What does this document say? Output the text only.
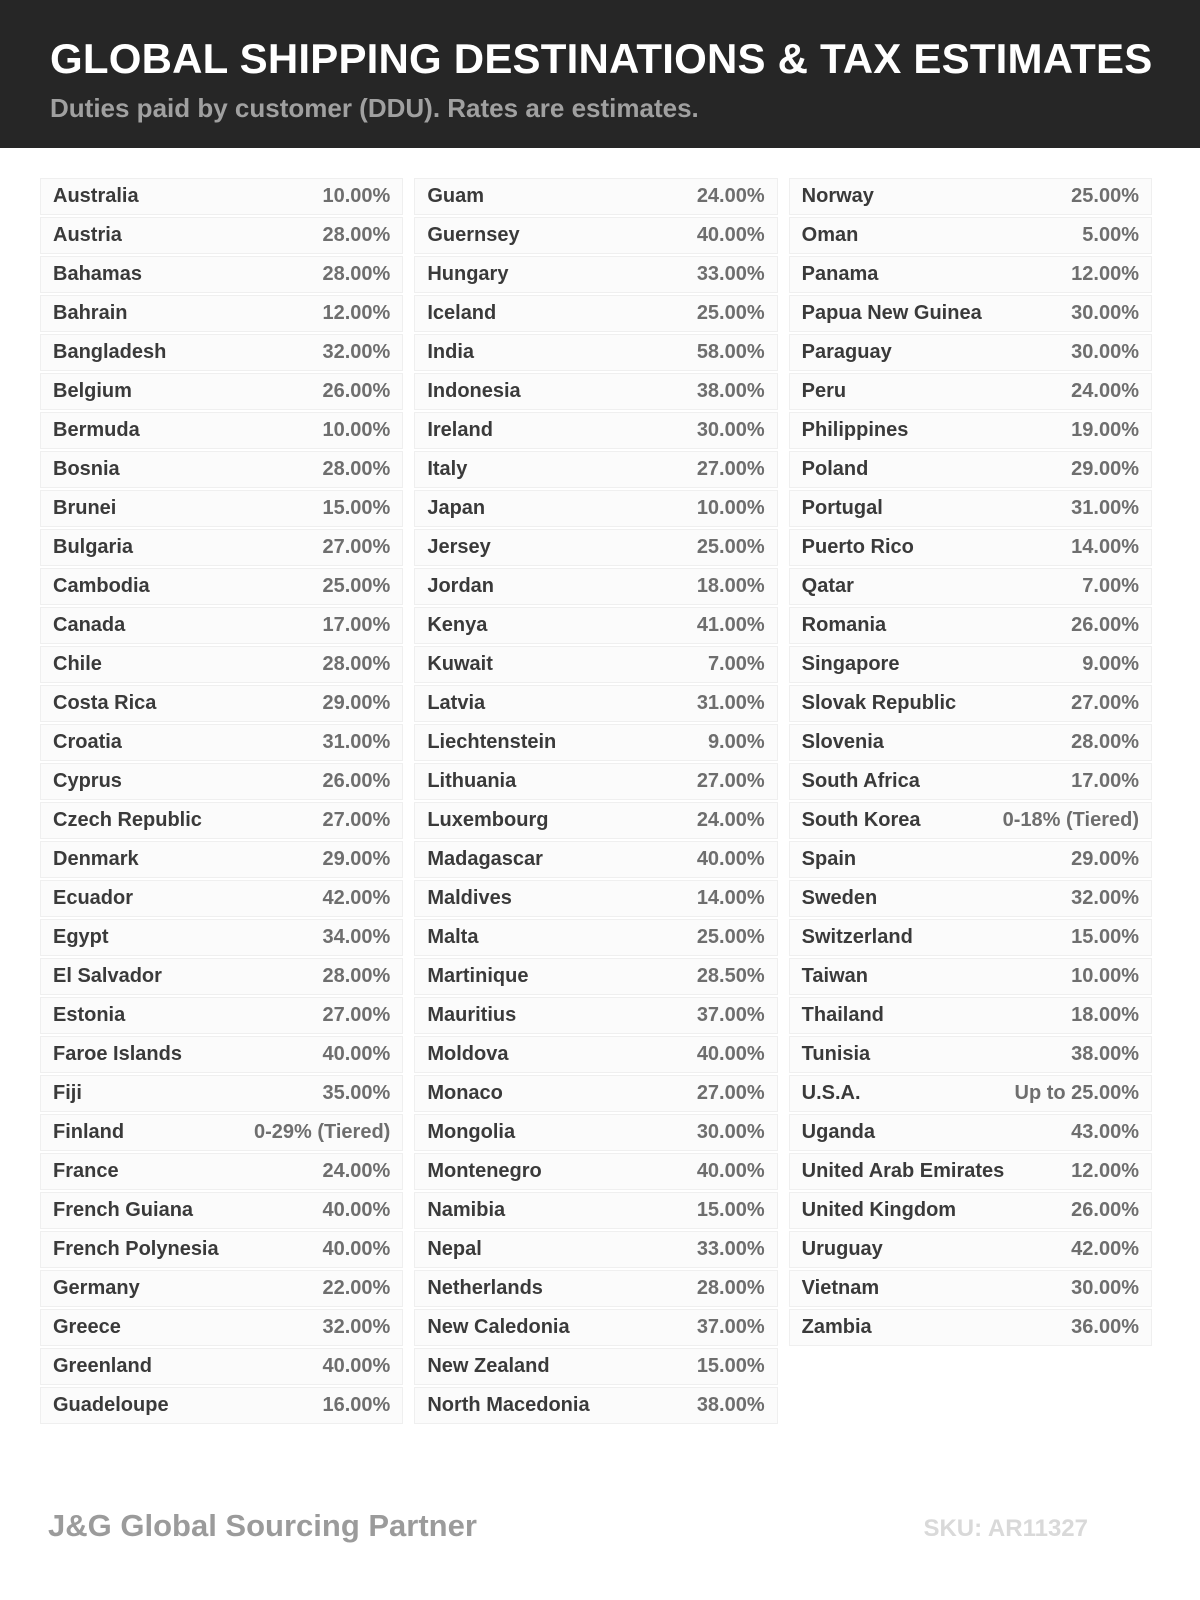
GLOBAL SHIPPING DESTINATIONS & TAX ESTIMATES
Duties paid by customer (DDU). Rates are estimates.
Australia	10.00%
Austria	28.00%
Bahamas	28.00%
Bahrain	12.00%
Bangladesh	32.00%
Belgium	26.00%
Bermuda	10.00%
Bosnia	28.00%
Brunei	15.00%
Bulgaria	27.00%
Cambodia	25.00%
Canada	17.00%
Chile	28.00%
Costa Rica	29.00%
Croatia	31.00%
Cyprus	26.00%
Czech Republic	27.00%
Denmark	29.00%
Ecuador	42.00%
Egypt	34.00%
El Salvador	28.00%
Estonia	27.00%
Faroe Islands	40.00%
Fiji	35.00%
Finland	0-29% (Tiered)
France	24.00%
French Guiana	40.00%
French Polynesia	40.00%
Germany	22.00%
Greece	32.00%
Greenland	40.00%
Guadeloupe	16.00%
Guam	24.00%
Guernsey	40.00%
Hungary	33.00%
Iceland	25.00%
India	58.00%
Indonesia	38.00%
Ireland	30.00%
Italy	27.00%
Japan	10.00%
Jersey	25.00%
Jordan	18.00%
Kenya	41.00%
Kuwait	7.00%
Latvia	31.00%
Liechtenstein	9.00%
Lithuania	27.00%
Luxembourg	24.00%
Madagascar	40.00%
Maldives	14.00%
Malta	25.00%
Martinique	28.50%
Mauritius	37.00%
Moldova	40.00%
Monaco	27.00%
Mongolia	30.00%
Montenegro	40.00%
Namibia	15.00%
Nepal	33.00%
Netherlands	28.00%
New Caledonia	37.00%
New Zealand	15.00%
North Macedonia	38.00%
Norway	25.00%
Oman	5.00%
Panama	12.00%
Papua New Guinea	30.00%
Paraguay	30.00%
Peru	24.00%
Philippines	19.00%
Poland	29.00%
Portugal	31.00%
Puerto Rico	14.00%
Qatar	7.00%
Romania	26.00%
Singapore	9.00%
Slovak Republic	27.00%
Slovenia	28.00%
South Africa	17.00%
South Korea	0-18% (Tiered)
Spain	29.00%
Sweden	32.00%
Switzerland	15.00%
Taiwan	10.00%
Thailand	18.00%
Tunisia	38.00%
U.S.A.	Up to 25.00%
Uganda	43.00%
United Arab Emirates	12.00%
United Kingdom	26.00%
Uruguay	42.00%
Vietnam	30.00%
Zambia	36.00%
J&G Global Sourcing Partner	SKU: AR11327
